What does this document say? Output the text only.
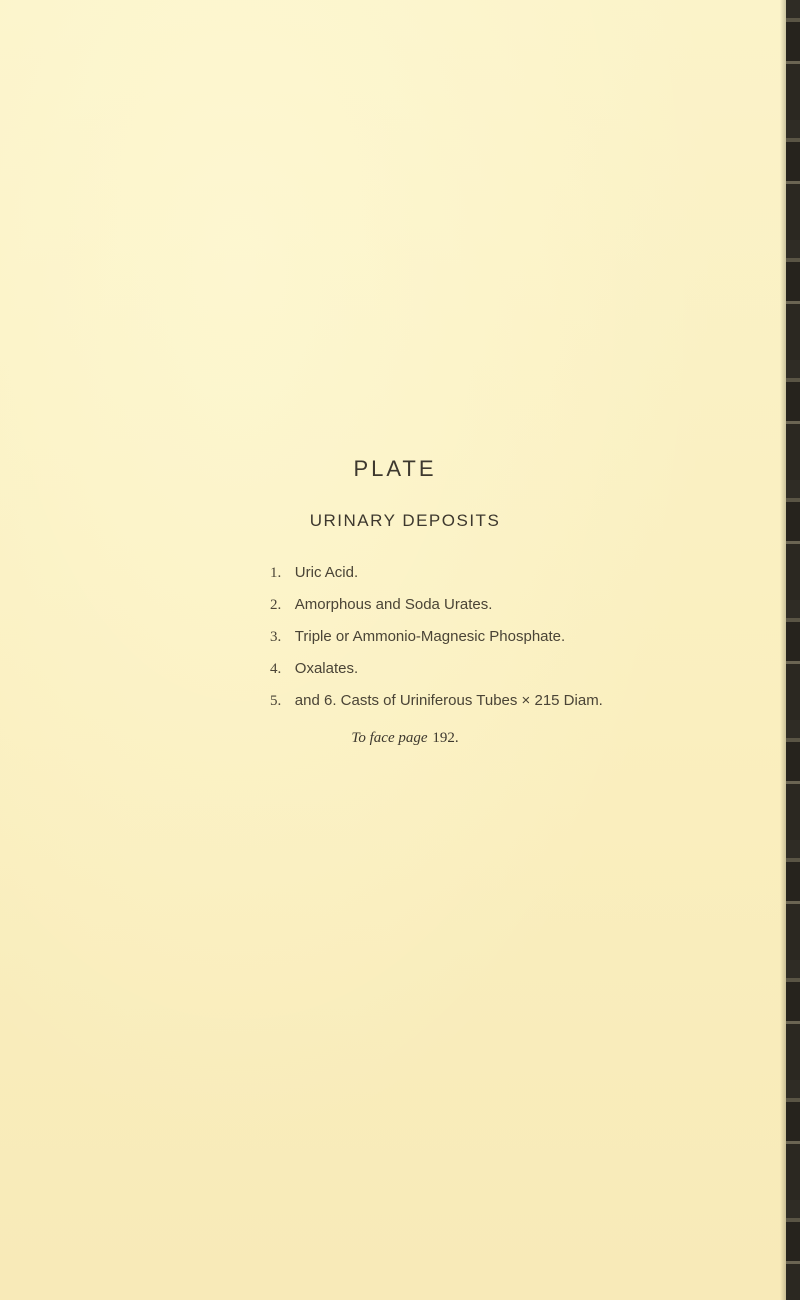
PLATE
URINARY DEPOSITS
1. Uric Acid.
2. Amorphous and Soda Urates.
3. Triple or Ammonio-Magnesic Phosphate.
4. Oxalates.
5. and 6. Casts of Uriniferous Tubes × 215 Diam.
To face page 192.
